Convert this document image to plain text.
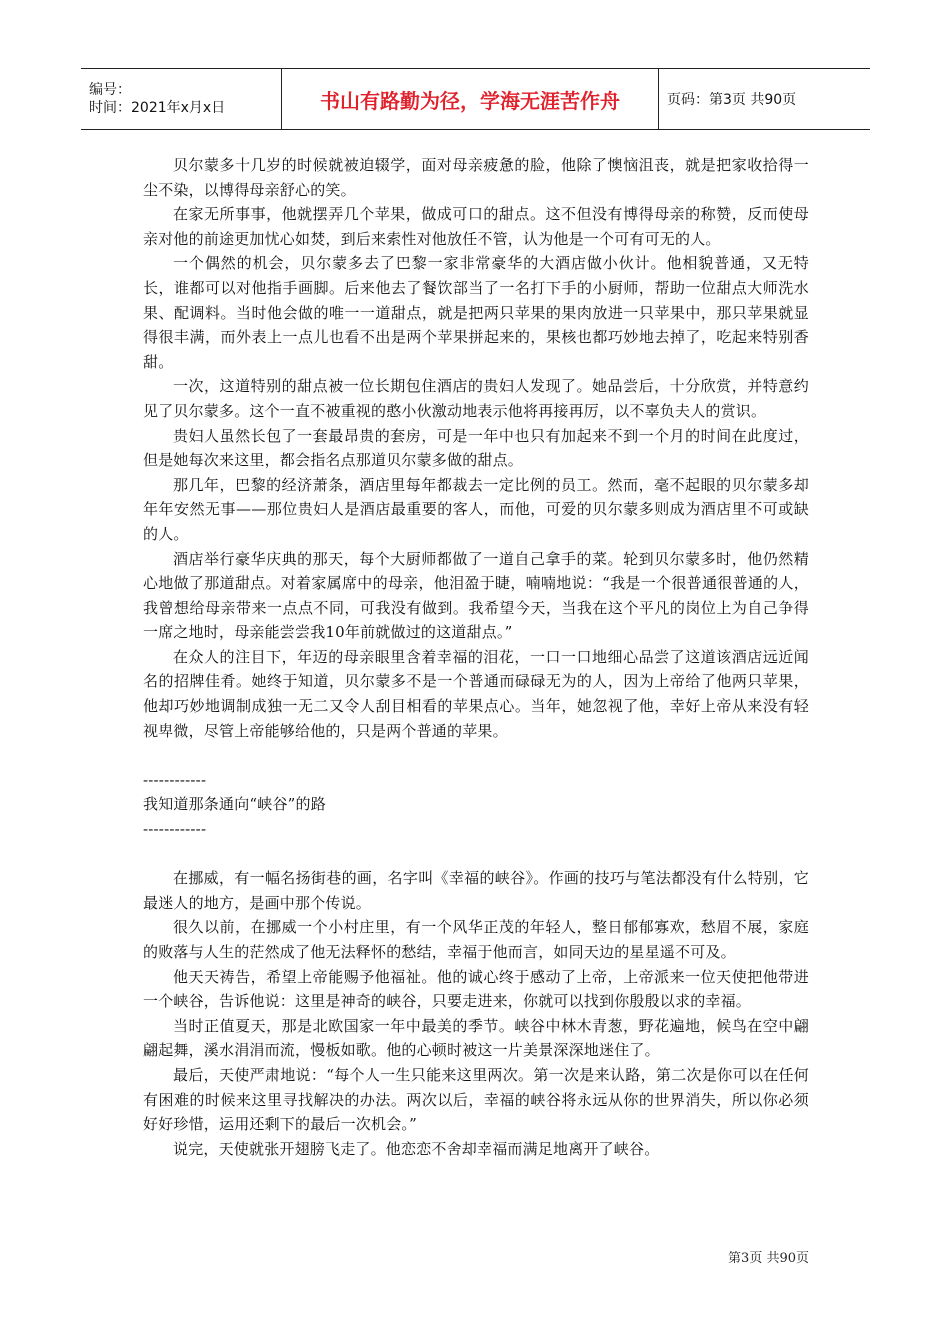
编号：
时间：2021年x月x日	书山有路勤为径，学海无涯苦作舟	页码：第3页 共90页

贝尔蒙多十几岁的时候就被迫辍学，面对母亲疲惫的脸，他除了懊恼沮丧，就是把家收拾得一尘不染，以博得母亲舒心的笑。

在家无所事事，他就摆弄几个苹果，做成可口的甜点。这不但没有博得母亲的称赞，反而使母亲对他的前途更加忧心如焚，到后来索性对他放任不管，认为他是一个可有可无的人。

一个偶然的机会，贝尔蒙多去了巴黎一家非常豪华的大酒店做小伙计。他相貌普通，又无特长，谁都可以对他指手画脚。后来他去了餐饮部当了一名打下手的小厨师，帮助一位甜点大师洗水果、配调料。当时他会做的唯一一道甜点，就是把两只苹果的果肉放进一只苹果中，那只苹果就显得很丰满，而外表上一点儿也看不出是两个苹果拼起来的，果核也都巧妙地去掉了，吃起来特别香甜。

一次，这道特别的甜点被一位长期包住酒店的贵妇人发现了。她品尝后，十分欣赏，并特意约见了贝尔蒙多。这个一直不被重视的憨小伙激动地表示他将再接再厉，以不辜负夫人的赏识。

贵妇人虽然长包了一套最昂贵的套房，可是一年中也只有加起来不到一个月的时间在此度过，但是她每次来这里，都会指名点那道贝尔蒙多做的甜点。

那几年，巴黎的经济萧条，酒店里每年都裁去一定比例的员工。然而，毫不起眼的贝尔蒙多却年年安然无事——那位贵妇人是酒店最重要的客人，而他，可爱的贝尔蒙多则成为酒店里不可或缺的人。

酒店举行豪华庆典的那天，每个大厨师都做了一道自己拿手的菜。轮到贝尔蒙多时，他仍然精心地做了那道甜点。对着家属席中的母亲，他泪盈于睫，喃喃地说：“我是一个很普通很普通的人，我曾想给母亲带来一点点不同，可我没有做到。我希望今天，当我在这个平凡的岗位上为自己争得一席之地时，母亲能尝尝我10年前就做过的这道甜点。”

在众人的注目下，年迈的母亲眼里含着幸福的泪花，一口一口地细心品尝了这道该酒店远近闻名的招牌佳肴。她终于知道，贝尔蒙多不是一个普通而碌碌无为的人，因为上帝给了他两只苹果，他却巧妙地调制成独一无二又令人刮目相看的苹果点心。当年，她忽视了他，幸好上帝从来没有轻视卑微，尽管上帝能够给他的，只是两个普通的苹果。

------------

我知道那条通向“峡谷”的路

------------

在挪威，有一幅名扬街巷的画，名字叫《幸福的峡谷》。作画的技巧与笔法都没有什么特别，它最迷人的地方，是画中那个传说。

很久以前，在挪威一个小村庄里，有一个风华正茂的年轻人，整日郁郁寡欢，愁眉不展，家庭的败落与人生的茫然成了他无法释怀的愁结，幸福于他而言，如同天边的星星遥不可及。

他天天祷告，希望上帝能赐予他福祉。他的诚心终于感动了上帝，上帝派来一位天使把他带进一个峡谷，告诉他说：这里是神奇的峡谷，只要走进来，你就可以找到你殷殷以求的幸福。

当时正值夏天，那是北欧国家一年中最美的季节。峡谷中林木青葱，野花遍地，候鸟在空中翩翩起舞，溪水涓涓而流，慢板如歌。他的心顿时被这一片美景深深地迷住了。

最后，天使严肃地说：“每个人一生只能来这里两次。第一次是来认路，第二次是你可以在任何有困难的时候来这里寻找解决的办法。两次以后，幸福的峡谷将永远从你的世界消失，所以你必须好好珍惜，运用还剩下的最后一次机会。”

说完，天使就张开翅膀飞走了。他恋恋不舍却幸福而满足地离开了峡谷。

第3页 共90页
